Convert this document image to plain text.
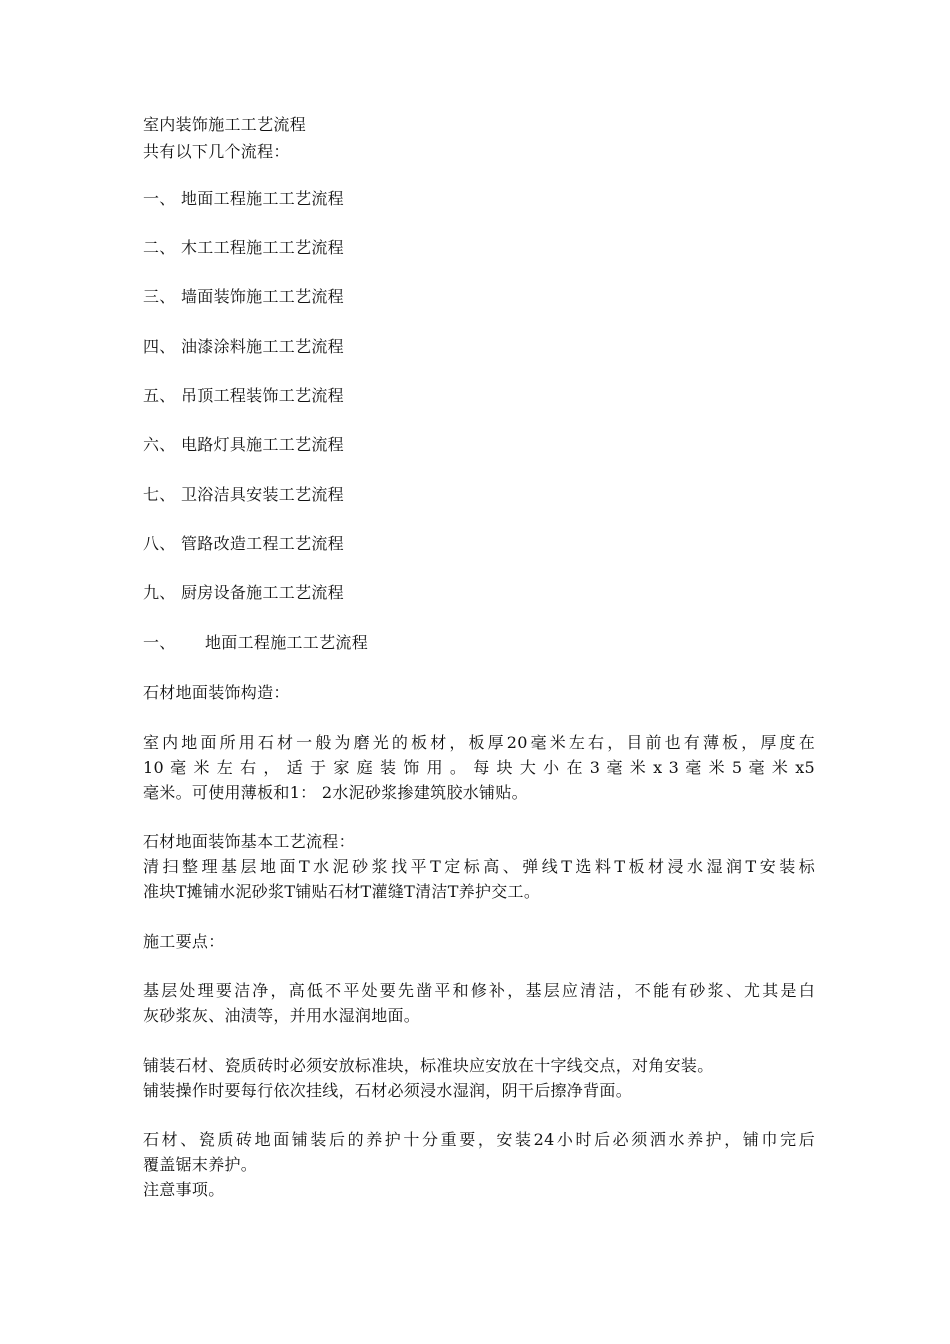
室内装饰施工工艺流程
共有以下几个流程：
一、 地面工程施工工艺流程
二、 木工工程施工工艺流程
三、 墙面装饰施工工艺流程
四、 油漆涂料施工工艺流程
五、 吊顶工程装饰工艺流程
六、 电路灯具施工工艺流程
七、 卫浴洁具安装工艺流程
八、 管路改造工程工艺流程
九、 厨房设备施工工艺流程
一、 地面工程施工工艺流程
石材地面装饰构造：
室内地面所用石材一般为磨光的板材，板厚20毫米左右，目前也有薄板，厚度在
10 毫 米 左 右 ， 适 于 家 庭 装 饰 用 。 每 块 大 小 在 3 毫 米 x 3 毫 米 5 毫 米 x5
毫米。可使用薄板和1： 2水泥砂浆掺建筑胶水铺贴。
石材地面装饰基本工艺流程：
清扫整理基层地面T水泥砂浆找平T定标高、弹线T选料T板材浸水湿润T安装标
准块T摊铺水泥砂浆T铺贴石材T灌缝T清洁T养护交工。
施工要点：
基层处理要洁净，高低不平处要先凿平和修补，基层应清洁，不能有砂浆、尤其是白
灰砂浆灰、油渍等，并用水湿润地面。
铺装石材、瓷质砖时必须安放标准块，标准块应安放在十字线交点，对角安装。
铺装操作时要每行依次挂线，石材必须浸水湿润，阴干后擦净背面。
石材、瓷质砖地面铺装后的养护十分重要，安装24小时后必须洒水养护，铺巾完后
覆盖锯末养护。
注意事项。
